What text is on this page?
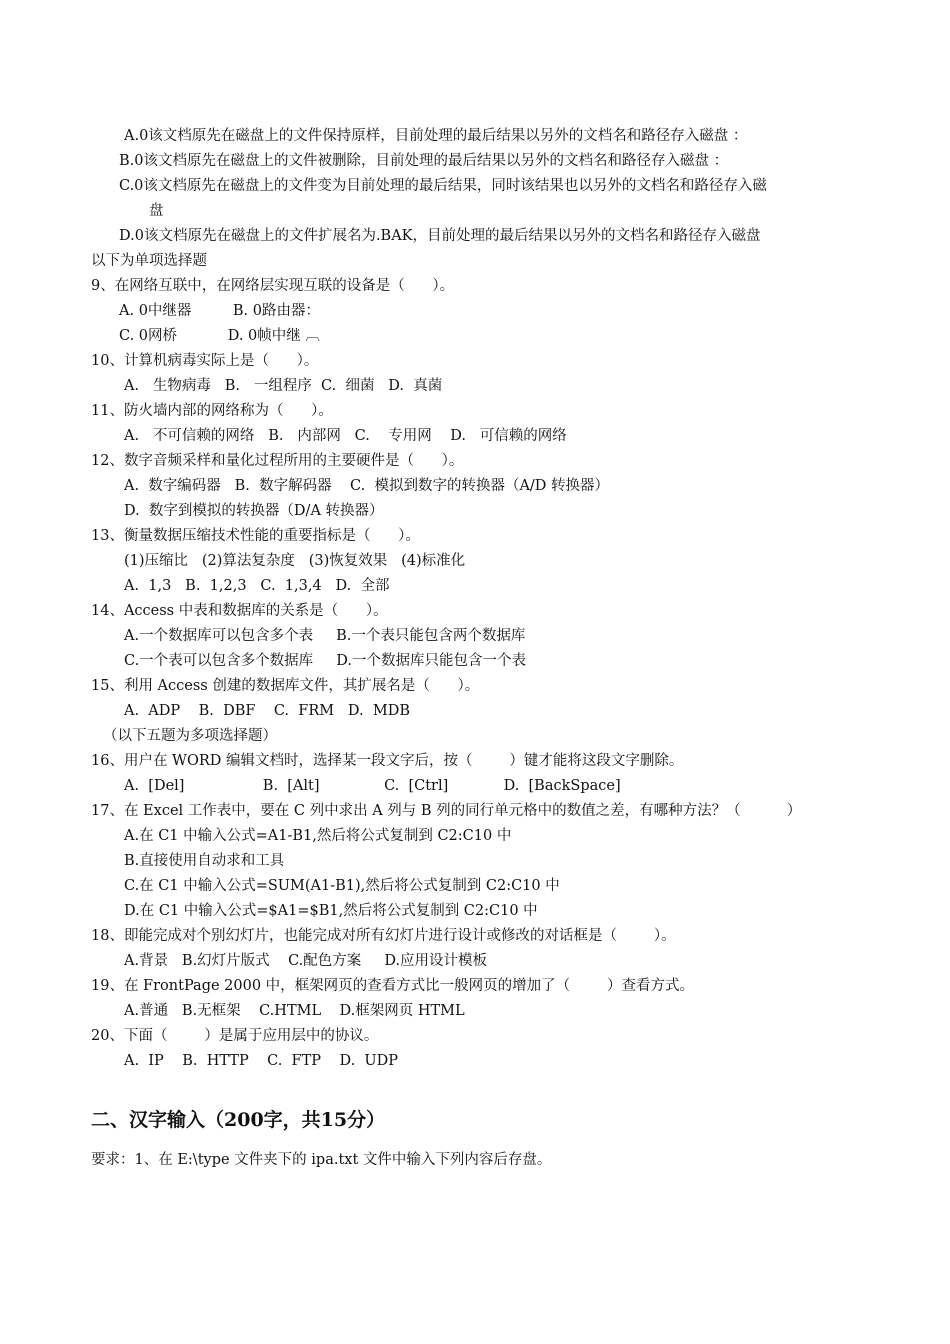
A.0该文档原先在磁盘上的文件保持原样，目前处理的最后结果以另外的文档名和路径存入磁盘 ：
B.0该文档原先在磁盘上的文件被删除，目前处理的最后结果以另外的文档名和路径存入磁盘 ：
C.0该文档原先在磁盘上的文件变为目前处理的最后结果，同时该结果也以另外的文档名和路径存入磁
盘
D.0该文档原先在磁盘上的文件扩展名为.BAK，目前处理的最后结果以另外的文档名和路径存入磁盘
以下为单项选择题
9、在网络互联中，在网络层实现互联的设备是（      ）。
A. 0中继器         B. 0路由器：
C. 0网桥           D. 0帧中继 ︹
10、计算机病毒实际上是（      ）。
A.   生物病毒   B.   一组程序  C.  细菌   D.  真菌
11、防火墙内部的网络称为（      ）。
A.   不可信赖的网络   B.   内部网   C.    专用网    D.   可信赖的网络
12、数字音频采样和量化过程所用的主要硬件是（      ）。
A.  数字编码器   B.  数字解码器    C.  模拟到数字的转换器（A/D 转换器）
D.  数字到模拟的转换器（D/A 转换器）
13、衡量数据压缩技术性能的重要指标是（      ）。
(1)压缩比   (2)算法复杂度   (3)恢复效果   (4)标准化
A.  1,3   B.  1,2,3   C.  1,3,4   D.  全部
14、Access 中表和数据库的关系是（      ）。
A.一个数据库可以包含多个表     B.一个表只能包含两个数据库
C.一个表可以包含多个数据库     D.一个数据库只能包含一个表
15、利用 Access 创建的数据库文件，其扩展名是（      ）。
A.  ADP    B.  DBF    C.  FRM   D.  MDB
（以下五题为多项选择题）
16、用户在 WORD 编辑文档时，选择某一段文字后，按（        ）键才能将这段文字删除。
A.  [Del]                 B.  [Alt]              C.  [Ctrl]            D.  [BackSpace]
17、在 Excel 工作表中，要在 C 列中求出 A 列与 B 列的同行单元格中的数值之差，有哪种方法？（          ）
A.在 C1 中输入公式=A1-B1,然后将公式复制到 C2:C10 中
B.直接使用自动求和工具
C.在 C1 中输入公式=SUM(A1-B1),然后将公式复制到 C2:C10 中
D.在 C1 中输入公式=$A1=$B1,然后将公式复制到 C2:C10 中
18、即能完成对个别幻灯片，也能完成对所有幻灯片进行设计或修改的对话框是（        ）。
A.背景   B.幻灯片版式    C.配色方案     D.应用设计模板
19、在 FrontPage 2000 中，框架网页的查看方式比一般网页的增加了（        ）查看方式。
A.普通   B.无框架    C.HTML    D.框架网页 HTML
20、下面（        ）是属于应用层中的协议。
A.  IP    B.  HTTP    C.  FTP    D.  UDP
二、汉字输入（200字，共15分）
要求：1、在 E:\type 文件夹下的 ipa.txt 文件中输入下列内容后存盘。
